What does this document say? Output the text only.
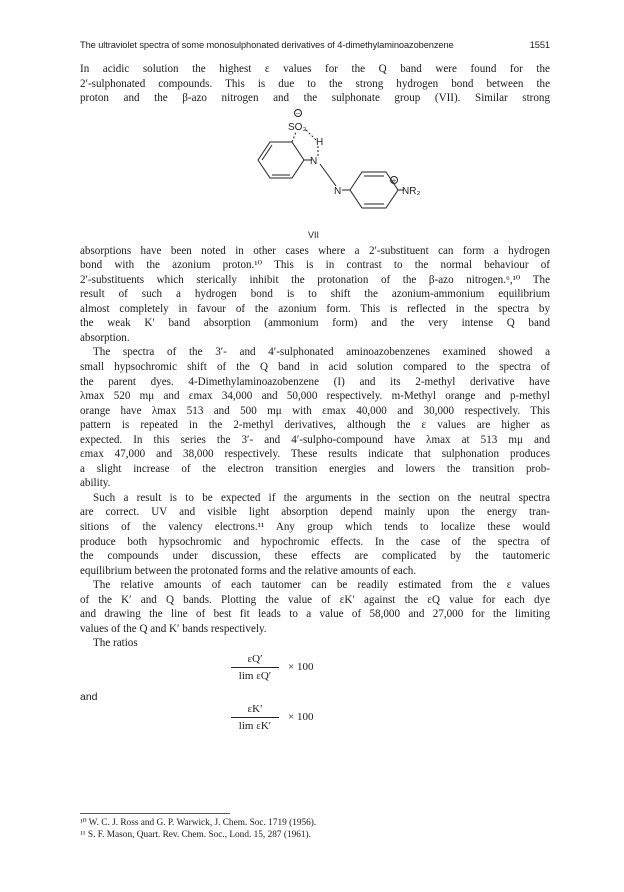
The ultraviolet spectra of some monosulphonated derivatives of 4-dimethylaminoazobenzene	1551

In acidic solution the highest ε values for the Q band were found for the
2′-sulphonated compounds. This is due to the strong hydrogen bond between the
proton and the β-azo nitrogen and the sulphonate group (VII). Similar strong

−
+
SO₃
H
N
N	NR₂
VII

absorptions have been noted in other cases where a 2′-substituent can form a hydrogen
bond with the azonium proton.¹⁰ This is in contrast to the normal behaviour of
2′-substituents which sterically inhibit the protonation of the β-azo nitrogen.⁶,¹⁰ The
result of such a hydrogen bond is to shift the azonium-ammonium equilibrium
almost completely in favour of the azonium form. This is reflected in the spectra by
the weak K′ band absorption (ammonium form) and the very intense Q band
absorption.

The spectra of the 3′- and 4′-sulphonated aminoazobenzenes examined showed a
small hypsochromic shift of the Q band in acid solution compared to the spectra of
the parent dyes. 4-Dimethylaminoazobenzene (I) and its 2-methyl derivative have
λmax 520 mμ and εmax 34,000 and 50,000 respectively. m-Methyl orange and p-methyl
orange have λmax 513 and 500 mμ with εmax 40,000 and 30,000 respectively. This
pattern is repeated in the 2-methyl derivatives, although the ε values are higher as
expected. In this series the 3′- and 4′-sulpho-compound have λmax at 513 mμ and
εmax 47,000 and 38,000 respectively. These results indicate that sulphonation produces
a slight increase of the electron transition energies and lowers the transition prob-
ability.

Such a result is to be expected if the arguments in the section on the neutral spectra
are correct. UV and visible light absorption depend mainly upon the energy tran-
sitions of the valency electrons.¹¹ Any group which tends to localize these would
produce both hypsochromic and hypochromic effects. In the case of the spectra of
the compounds under discussion, these effects are complicated by the tautomeric
equilibrium between the protonated forms and the relative amounts of each.

The relative amounts of each tautomer can be readily estimated from the ε values
of the K′ and Q bands. Plotting the value of εK′ against the εQ value for each dye
and drawing the line of best fit leads to a value of 58,000 and 27,000 for the limiting
values of the Q and K′ bands respectively.

The ratios

$\frac{\varepsilon Q'}{\text{lim εQ′}} \times 100$
and
$\frac{\varepsilon K'}{\text{lim εK′}} \times 100$
¹⁰ W. C. J. Ross and G. P. Warwick, J. Chem. Soc. 1719 (1956).
¹¹ S. F. Mason, Quart. Rev. Chem. Soc., Lond. 15, 287 (1961).
